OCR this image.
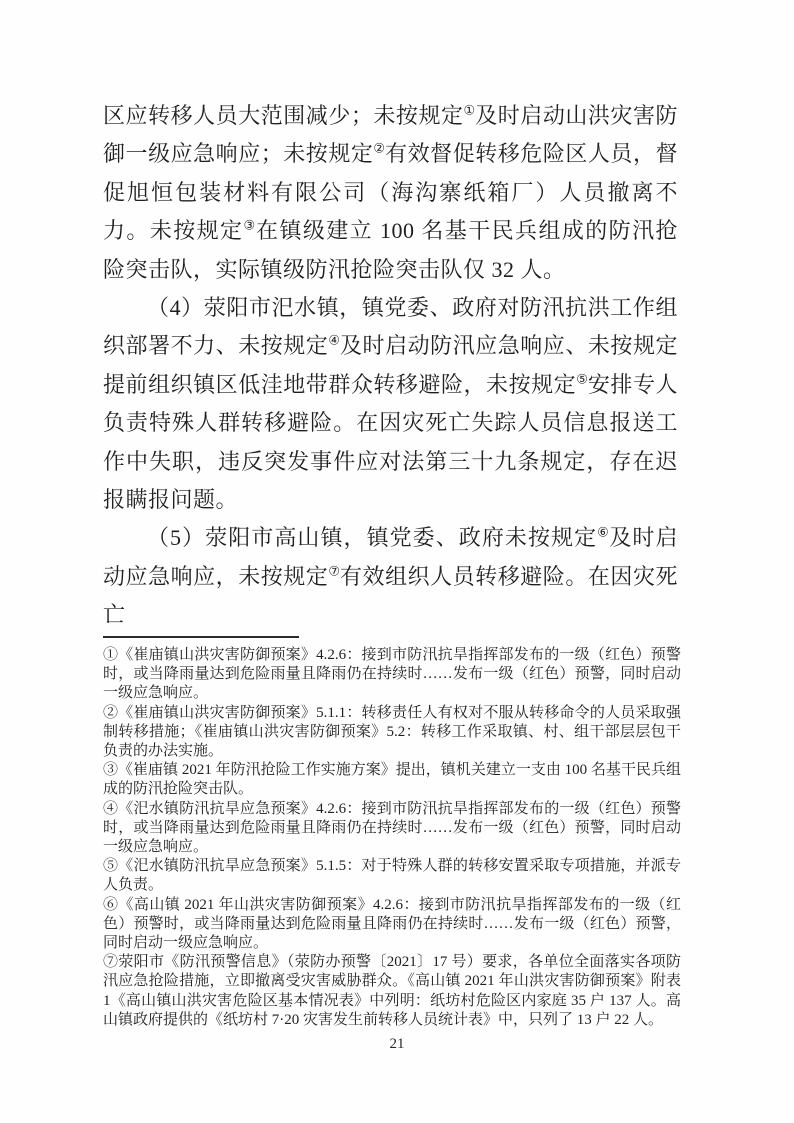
区应转移人员大范围减少；未按规定①及时启动山洪灾害防御一级应急响应；未按规定②有效督促转移危险区人员，督促旭恒包装材料有限公司（海沟寨纸箱厂）人员撤离不力。未按规定③在镇级建立 100 名基干民兵组成的防汛抢险突击队，实际镇级防汛抢险突击队仅 32 人。

（4）荥阳市汜水镇，镇党委、政府对防汛抗洪工作组织部署不力、未按规定④及时启动防汛应急响应、未按规定提前组织镇区低洼地带群众转移避险，未按规定⑤安排专人负责特殊人群转移避险。在因灾死亡失踪人员信息报送工作中失职，违反突发事件应对法第三十九条规定，存在迟报瞒报问题。

（5）荥阳市高山镇，镇党委、政府未按规定⑥及时启动应急响应，未按规定⑦有效组织人员转移避险。在因灾死亡

①《崔庙镇山洪灾害防御预案》4.2.6：接到市防汛抗旱指挥部发布的一级（红色）预警时，或当降雨量达到危险雨量且降雨仍在持续时……发布一级（红色）预警，同时启动一级应急响应。

②《崔庙镇山洪灾害防御预案》5.1.1：转移责任人有权对不服从转移命令的人员采取强制转移措施；《崔庙镇山洪灾害防御预案》5.2：转移工作采取镇、村、组干部层层包干负责的办法实施。

③《崔庙镇 2021 年防汛抢险工作实施方案》提出，镇机关建立一支由 100 名基干民兵组成的防汛抢险突击队。

④《汜水镇防汛抗旱应急预案》4.2.6：接到市防汛抗旱指挥部发布的一级（红色）预警时，或当降雨量达到危险雨量且降雨仍在持续时……发布一级（红色）预警，同时启动一级应急响应。

⑤《汜水镇防汛抗旱应急预案》5.1.5：对于特殊人群的转移安置采取专项措施，并派专人负责。

⑥《高山镇 2021 年山洪灾害防御预案》4.2.6：接到市防汛抗旱指挥部发布的一级（红色）预警时，或当降雨量达到危险雨量且降雨仍在持续时……发布一级（红色）预警，同时启动一级应急响应。

⑦荥阳市《防汛预警信息》（荥防办预警〔2021〕17 号）要求，各单位全面落实各项防汛应急抢险措施，立即撤离受灾害威胁群众。《高山镇 2021 年山洪灾害防御预案》附表 1《高山镇山洪灾害危险区基本情况表》中列明：纸坊村危险区内家庭 35 户 137 人。高山镇政府提供的《纸坊村 7·20 灾害发生前转移人员统计表》中，只列了 13 户 22 人。

21
